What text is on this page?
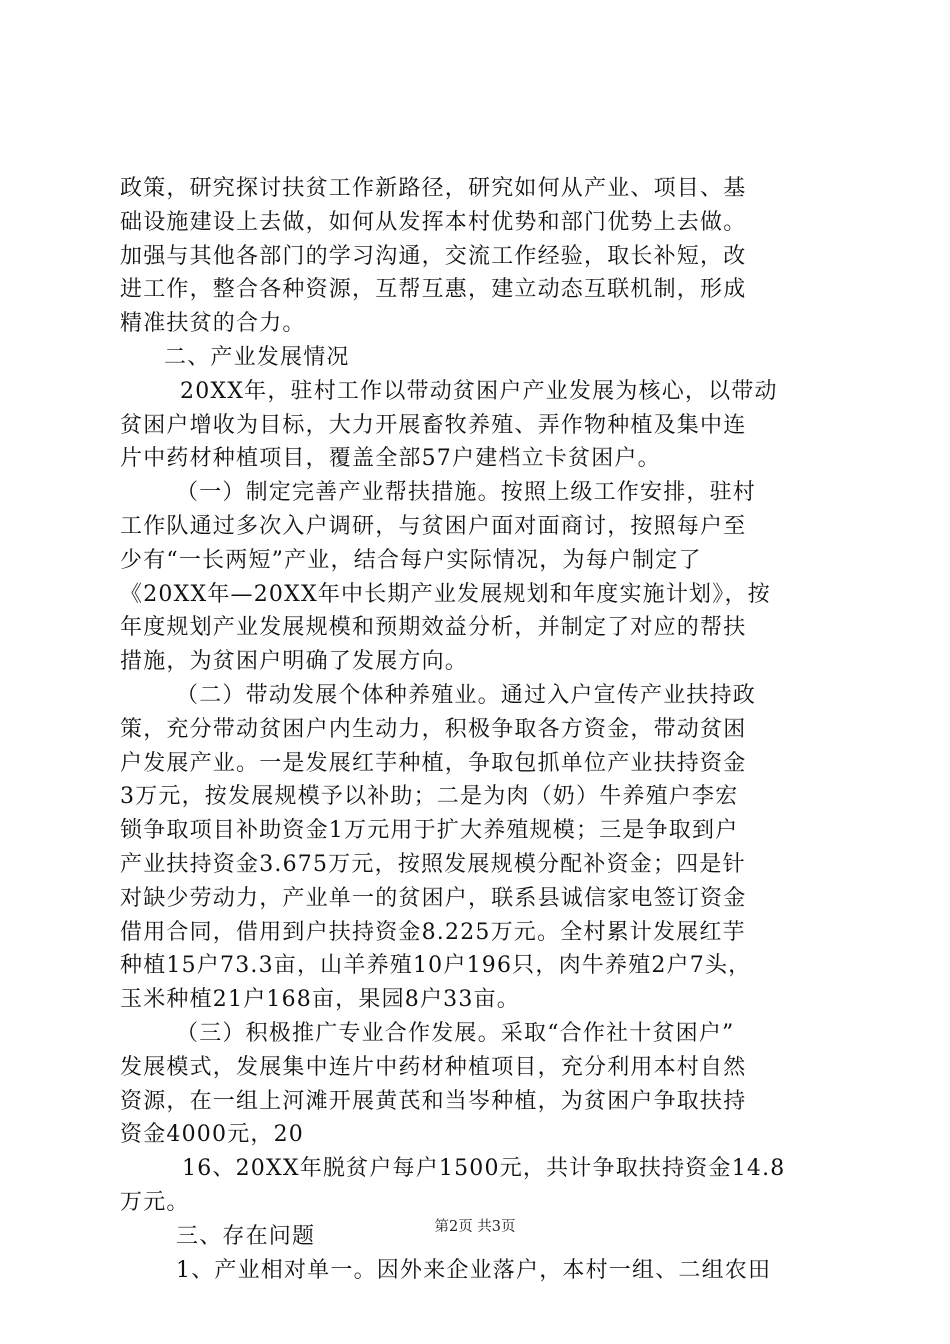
政策，研究探讨扶贫工作新路径，研究如何从产业、项目、基
础设施建设上去做，如何从发挥本村优势和部门优势上去做。
加强与其他各部门的学习沟通，交流工作经验，取长补短，改
进工作，整合各种资源，互帮互惠，建立动态互联机制，形成
精准扶贫的合力。
二、产业发展情况
20XX年，驻村工作以带动贫困户产业发展为核心，以带动
贫困户增收为目标，大力开展畜牧养殖、弄作物种植及集中连
片中药材种植项目，覆盖全部57户建档立卡贫困户。
（一）制定完善产业帮扶措施。按照上级工作安排，驻村
工作队通过多次入户调研，与贫困户面对面商讨，按照每户至
少有“一长两短”产业，结合每户实际情况，为每户制定了
《20XX年—20XX年中长期产业发展规划和年度实施计划》，按
年度规划产业发展规模和预期效益分析，并制定了对应的帮扶
措施，为贫困户明确了发展方向。
（二）带动发展个体种养殖业。通过入户宣传产业扶持政
策，充分带动贫困户内生动力，积极争取各方资金，带动贫困
户发展产业。一是发展红芋种植，争取包抓单位产业扶持资金
3万元，按发展规模予以补助；二是为肉（奶）牛养殖户李宏
锁争取项目补助资金1万元用于扩大养殖规模；三是争取到户
产业扶持资金3.675万元，按照发展规模分配补资金；四是针
对缺少劳动力，产业单一的贫困户，联系县诚信家电签订资金
借用合同，借用到户扶持资金8.225万元。全村累计发展红芋
种植15户73.3亩，山羊养殖10户196只，肉牛养殖2户7头，
玉米种植21户168亩，果园8户33亩。
（三）积极推广专业合作发展。采取“合作社十贫困户”
发展模式，发展集中连片中药材种植项目，充分利用本村自然
资源，在一组上河滩开展黄芪和当岑种植，为贫困户争取扶持
资金4000元，20
16、20XX年脱贫户每户1500元，共计争取扶持资金14.8
万元。
三、存在问题
1、产业相对单一。因外来企业落户，本村一组、二组农田
第2页 共3页
